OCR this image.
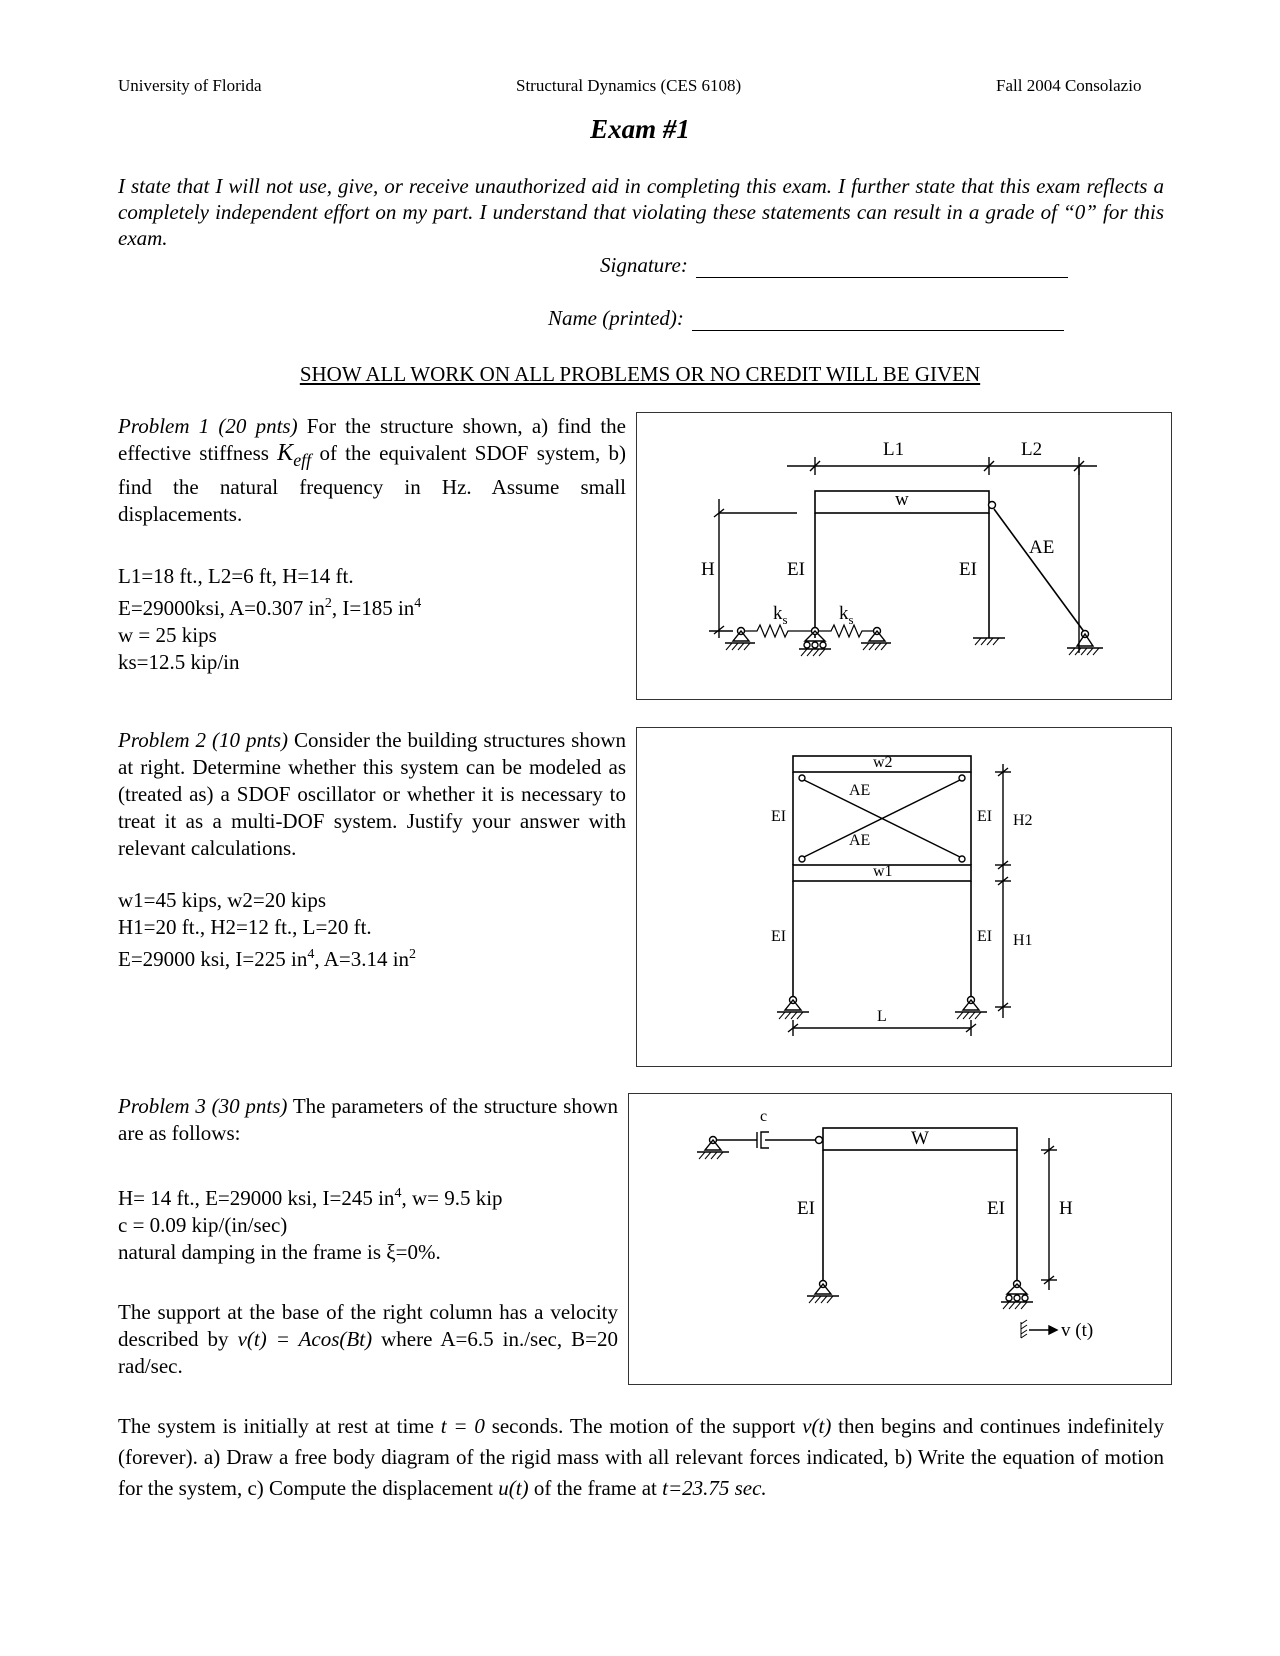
University of Florida	Structural Dynamics (CES 6108)	Fall 2004 Consolazio
Exam #1
I state that I will not use, give, or receive unauthorized aid in completing this exam. I further state that this exam reflects a completely independent effort on my part. I understand that violating these statements can result in a grade of “0” for this exam.
Signature:
Name (printed):
SHOW ALL WORK ON ALL PROBLEMS OR NO CREDIT WILL BE GIVEN
Problem 1 (20 pnts) For the structure shown, a) find the effective stiffness $K_{eff}$ of the equivalent SDOF system, b) find the natural frequency in Hz. Assume small displacements.
L1=18 ft., L2=6 ft, H=14 ft.
E=29000ksi, A=0.307 $in^2$, I=185 $in^4$
w = 25 kips
ks=12.5 kip/in
L1	L2
w
AE
H	EI	EI
$k_s$	$k_s$
Problem 2 (10 pnts) Consider the building structures shown at right. Determine whether this system can be modeled as (treated as) a SDOF oscillator or whether it is necessary to treat it as a multi-DOF system. Justify your answer with relevant calculations.
w1=45 kips, w2=20 kips
H1=20 ft., H2=12 ft., L=20 ft.
E=29000 ksi, I=225 $in^4$, A=3.14 $in^2$
w2
AE
AE
w1
EI	EI
EI	EI
H2
H1
L
Problem 3 (30 pnts) The parameters of the structure shown are as follows:
H= 14 ft., E=29000 ksi, I=245 $in^4$, w= 9.5 kip
c = 0.09 kip/(in/sec)
natural damping in the frame is ξ=0%.
The support at the base of the right column has a velocity described by v(t) = Acos(Bt) where A=6.5 in./sec, B=20 rad/sec.
c
W
EI	EI	H
v (t)
The system is initially at rest at time t = 0 seconds. The motion of the support v(t) then begins and continues indefinitely (forever). a) Draw a free body diagram of the rigid mass with all relevant forces indicated, b) Write the equation of motion for the system, c) Compute the displacement u(t) of the frame at t=23.75 sec.
